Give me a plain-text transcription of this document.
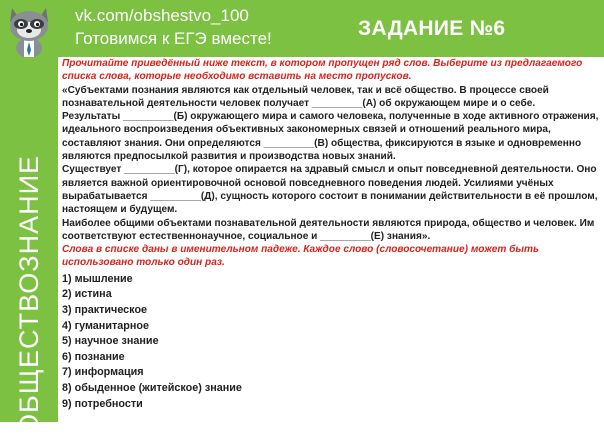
vk.com/obshestvo_100
Готовимся к ЕГЭ вместе!	ЗАДАНИЕ №6
ОБЩЕСТВОЗНАНИЕ

Прочитайте приведённый ниже текст, в котором пропущен ряд слов. Выберите из предлагаемого списка слова, которые необходимо вставить на место пропусков.

«Субъектами познания являются как отдельный человек, так и всё общество. В процессе своей познавательной деятельности человек получает _________(А) об окружающем мире и о себе.

Результаты _________(Б) окружающего мира и самого человека, полученные в ходе активного отражения, идеального воспроизведения объективных закономерных связей и отношений реального мира, составляют знания. Они определяются _________(В) общества, фиксируются в языке и одновременно являются предпосылкой развития и производства новых знаний.

Существует _________(Г), которое опирается на здравый смысл и опыт повседневной деятельности. Оно является важной ориентировочной основой повседневного поведения людей. Усилиями учёных вырабатывается _________(Д), сущность которого состоит в понимании действительности в её прошлом, настоящем и будущем.

Наиболее общими объектами познавательной деятельности являются природа, общество и человек. Им соответствуют естественнонаучное, социальное и _________(Е) знания».

Слова в списке даны в именительном падеже. Каждое слово (словосочетание) может быть использовано только один раз.

1) мышление
2) истина
3) практическое
4) гуманитарное
5) научное знание
6) познание
7) информация
8) обыденное (житейское) знание
9) потребности
